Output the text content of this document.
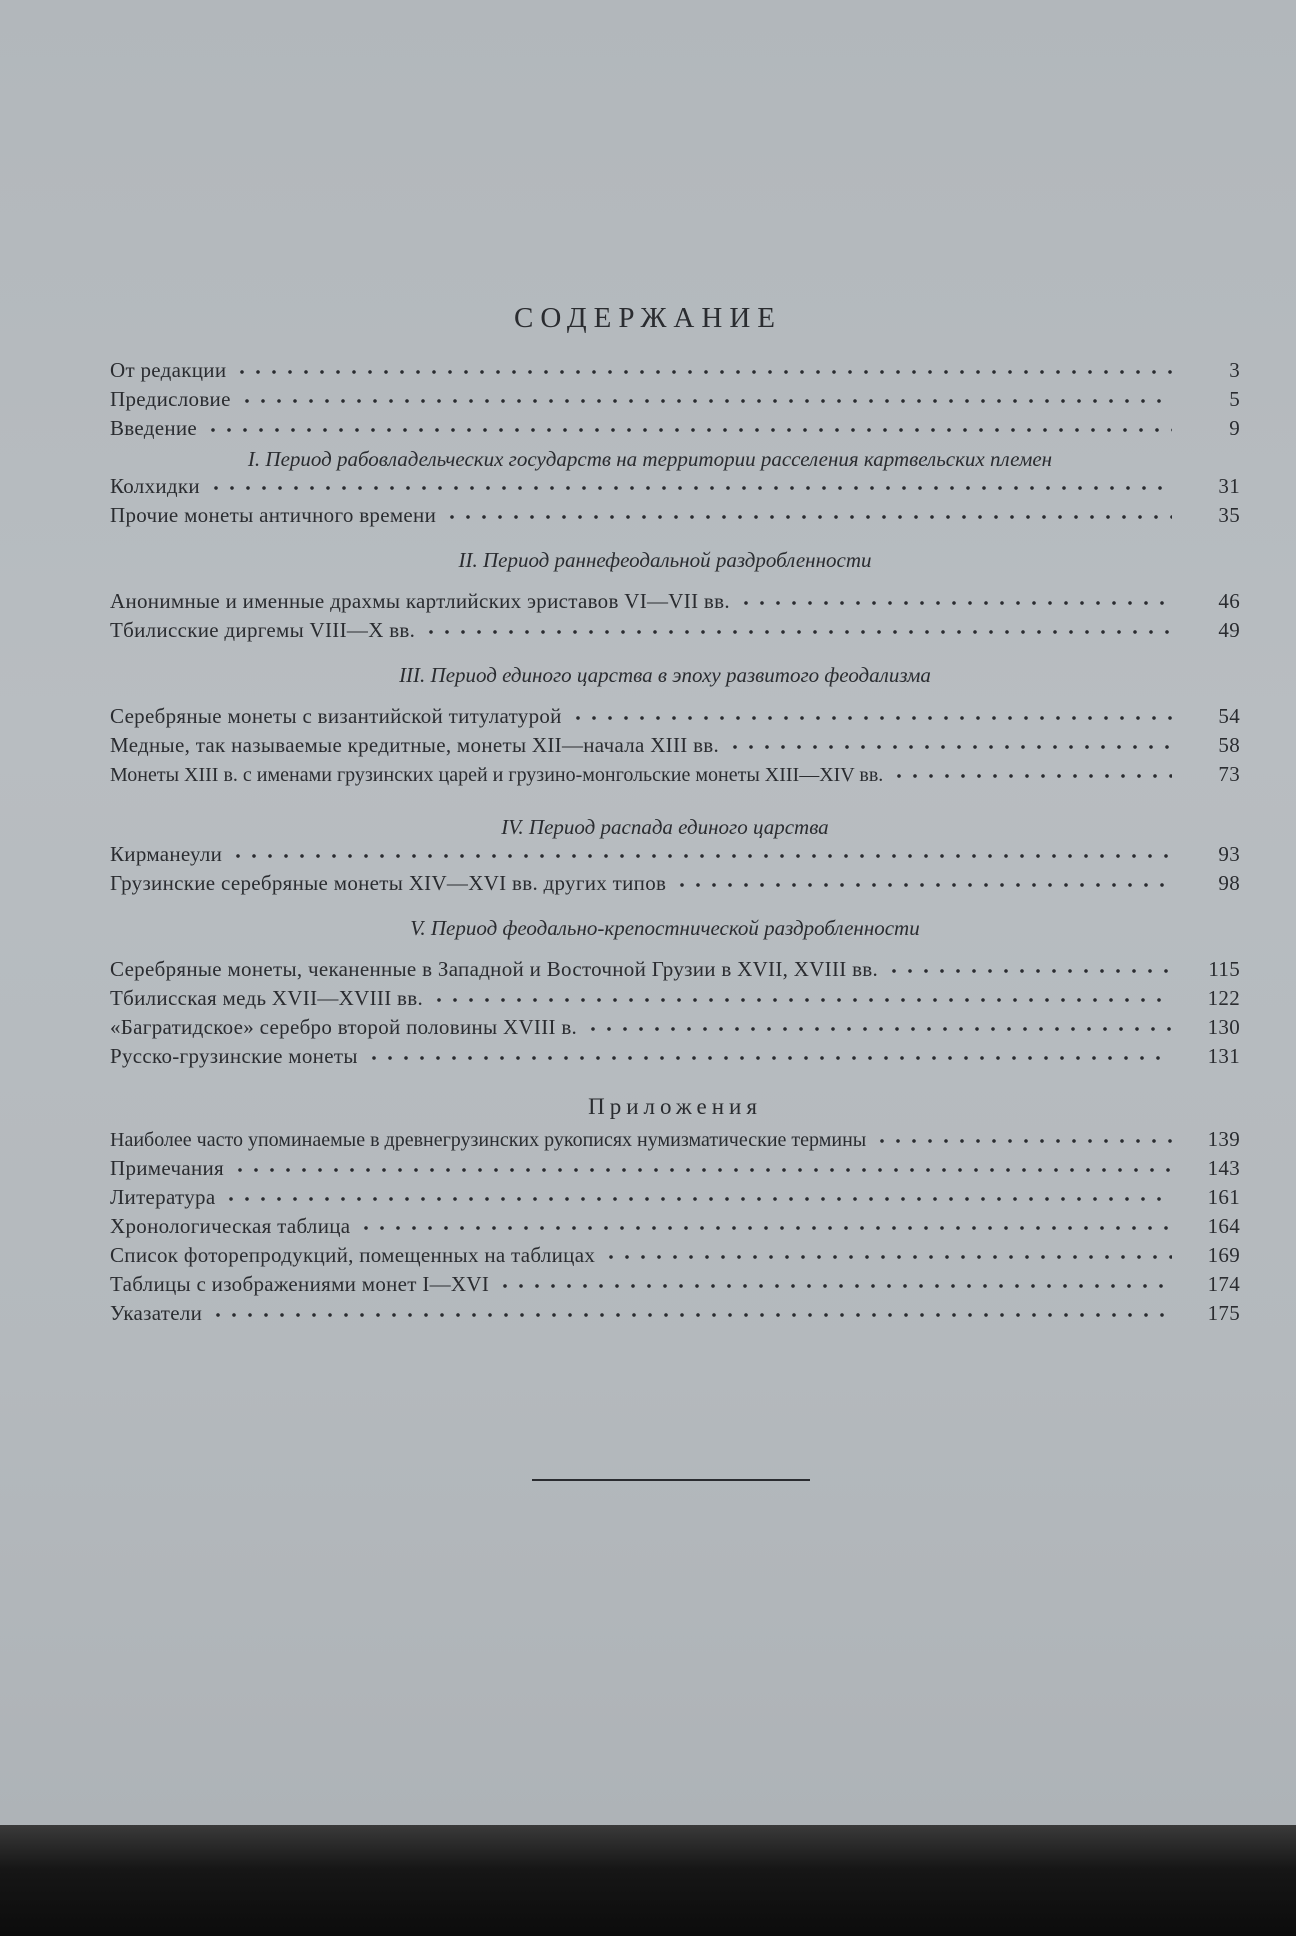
СОДЕРЖАНИЕ
От редакции	3
Предисловие	5
Введение	9
I. Период рабовладельческих государств на территории расселения картвельских племен
Колхидки	31
Прочие монеты античного времени	35
II. Период раннефеодальной раздробленности
Анонимные и именные драхмы картлийских эриставов VI—VII вв.	46
Тбилисские диргемы VIII—X вв.	49
III. Период единого царства в эпоху развитого феодализма
Серебряные монеты с византийской титулатурой	54
Медные, так называемые кредитные, монеты XII—начала XIII вв.	58
Монеты XIII в. с именами грузинских царей и грузино-монгольские монеты XIII—XIV вв.	73
IV. Период распада единого царства
Кирманеули	93
Грузинские серебряные монеты XIV—XVI вв. других типов	98
V. Период феодально-крепостнической раздробленности
Серебряные монеты, чеканенные в Западной и Восточной Грузии в XVII, XVIII вв.	115
Тбилисская медь XVII—XVIII вв.	122
«Багратидское» серебро второй половины XVIII в.	130
Русско-грузинские монеты	131
Приложения
Наиболее часто упоминаемые в древнегрузинских рукописях нумизматические термины	139
Примечания	143
Литература	161
Хронологическая таблица	164
Список фоторепродукций, помещенных на таблицах	169
Таблицы с изображениями монет I—XVI	174
Указатели	175
